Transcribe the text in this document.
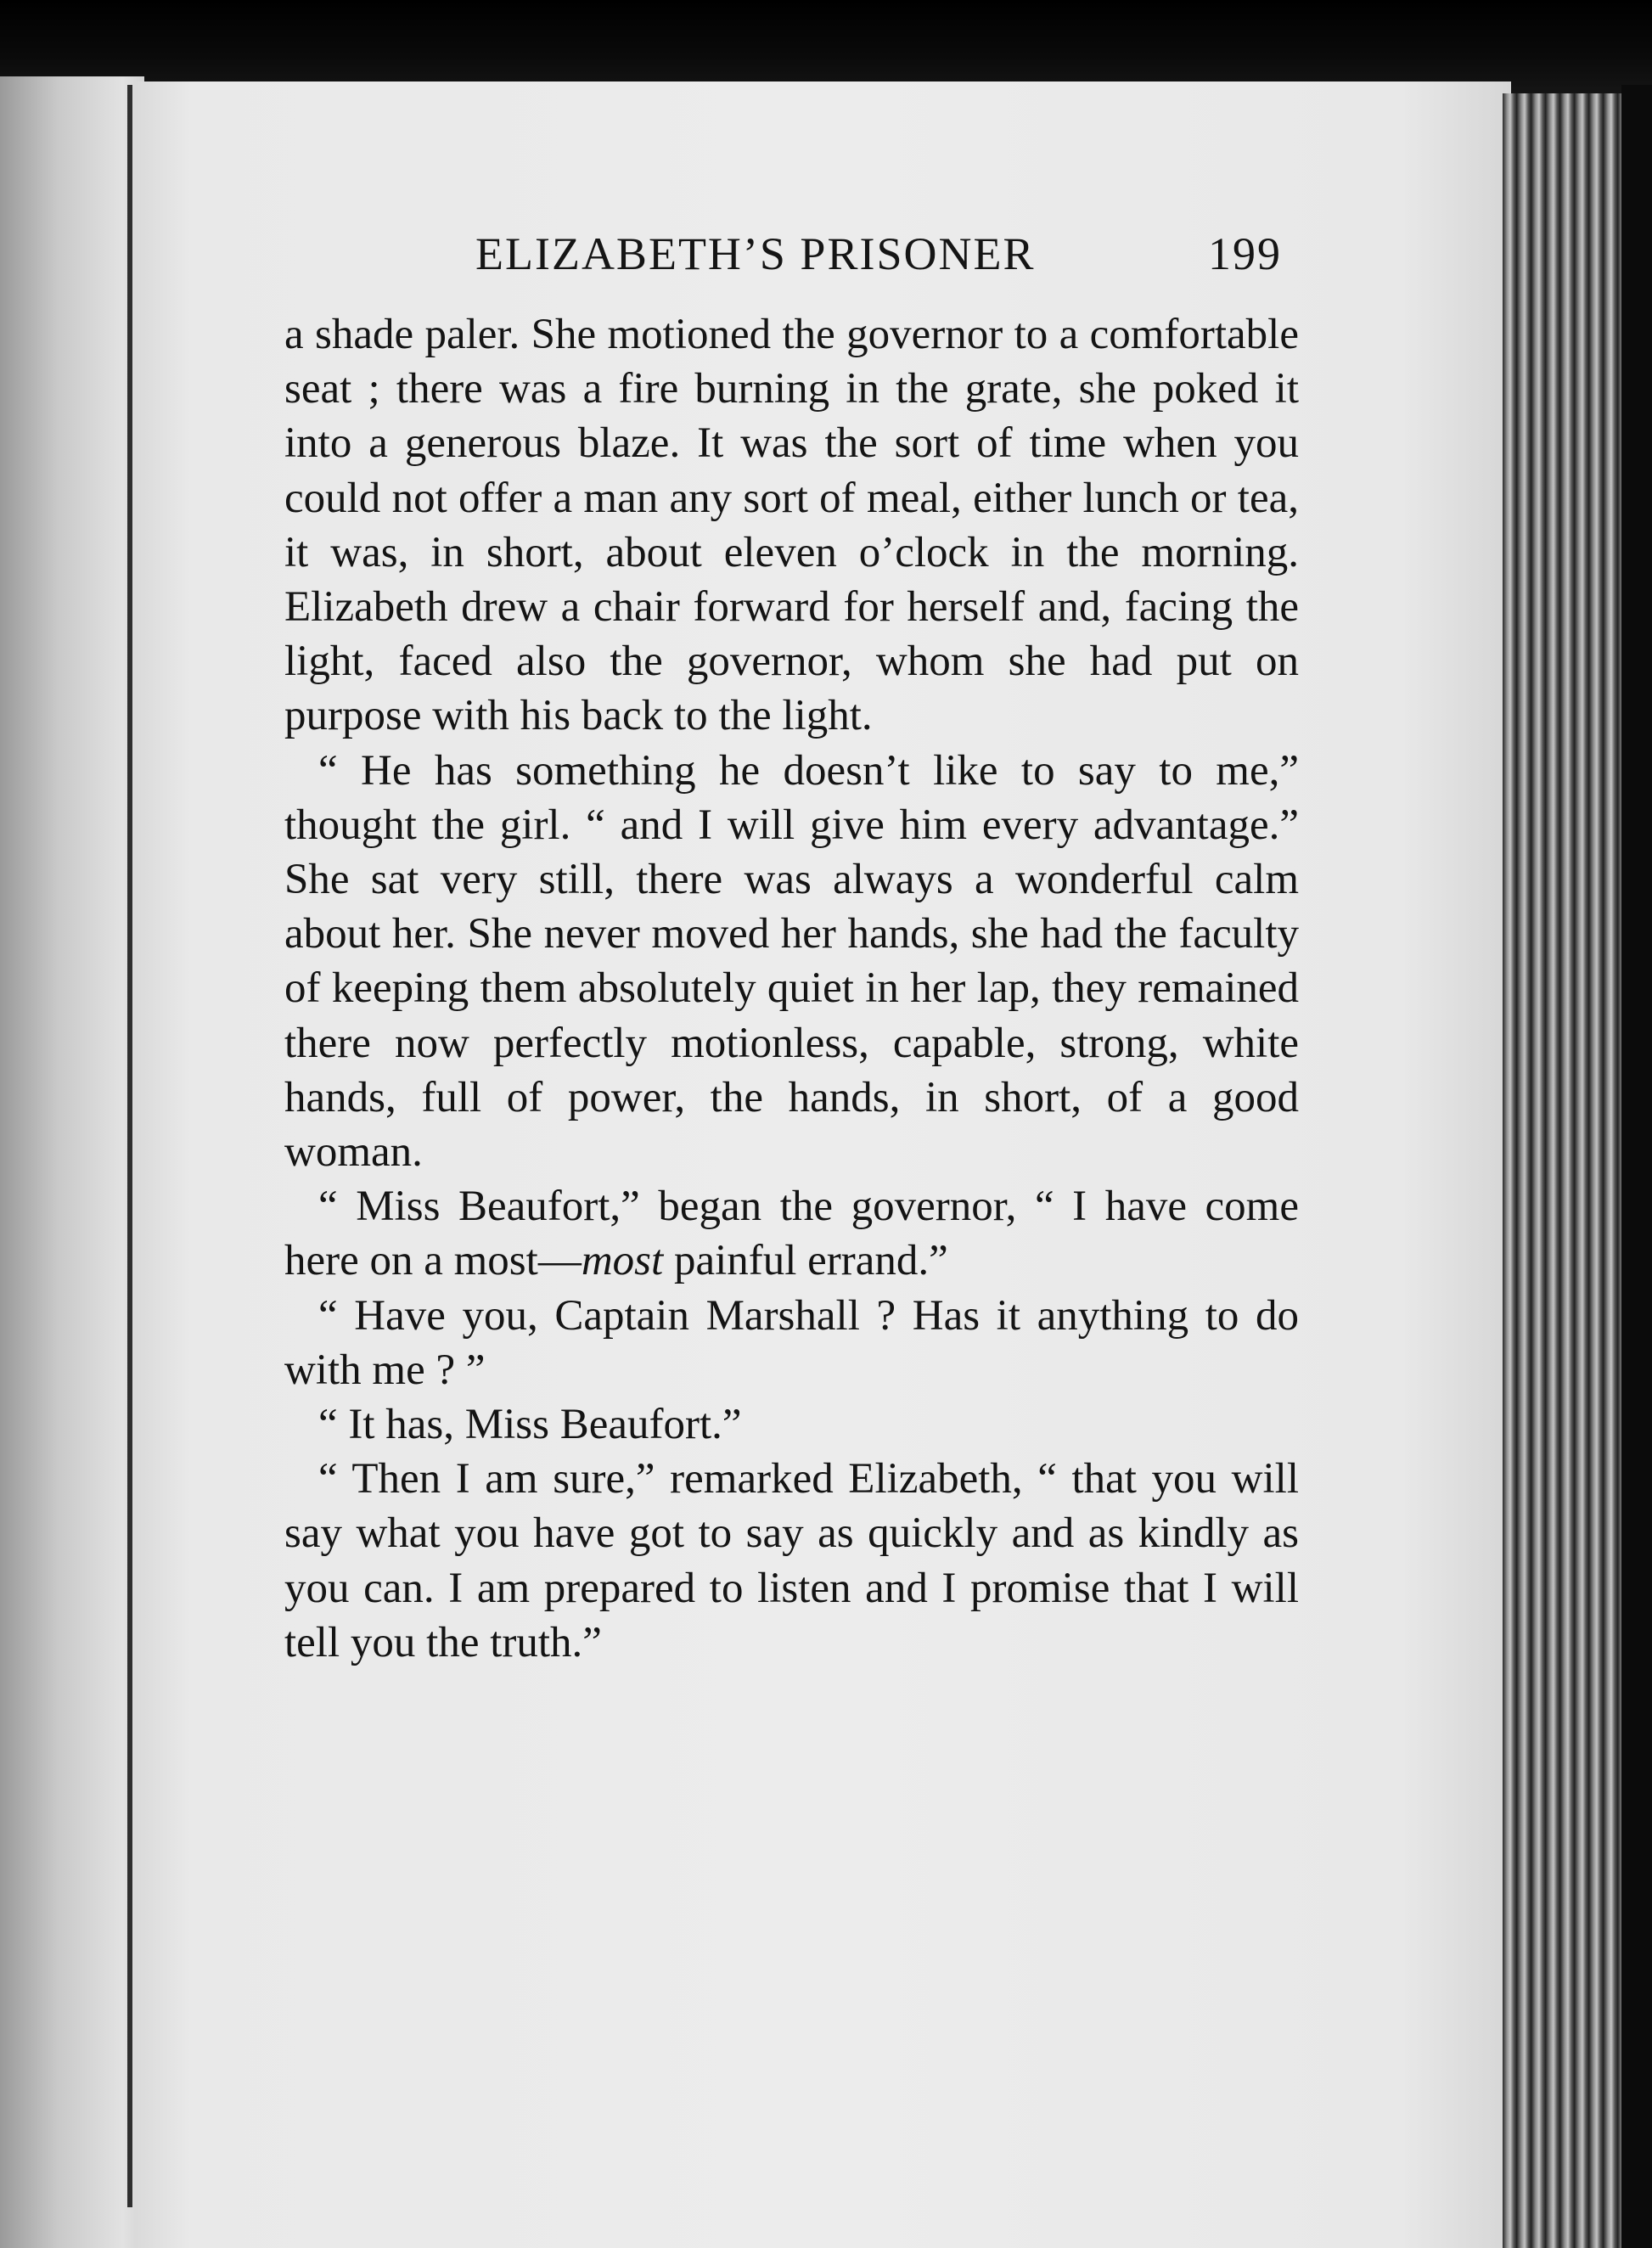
ELIZABETH’S PRISONER	199

a shade paler. She motioned the governor to a comfortable seat ; there was a fire burning in the grate, she poked it into a generous blaze. It was the sort of time when you could not offer a man any sort of meal, either lunch or tea, it was, in short, about eleven o’clock in the morning. Elizabeth drew a chair forward for herself and, facing the light, faced also the governor, whom she had put on purpose with his back to the light.

“ He has something he doesn’t like to say to me,” thought the girl. “ and I will give him every advantage.” She sat very still, there was always a wonderful calm about her. She never moved her hands, she had the faculty of keeping them absolutely quiet in her lap, they remained there now perfectly motionless, capable, strong, white hands, full of power, the hands, in short, of a good woman.

“ Miss Beaufort,” began the governor, “ I have come here on a most—most painful errand.”

“ Have you, Captain Marshall ? Has it anything to do with me ? ”

“ It has, Miss Beaufort.”

“ Then I am sure,” remarked Elizabeth, “ that you will say what you have got to say as quickly and as kindly as you can. I am prepared to listen and I promise that I will tell you the truth.”
